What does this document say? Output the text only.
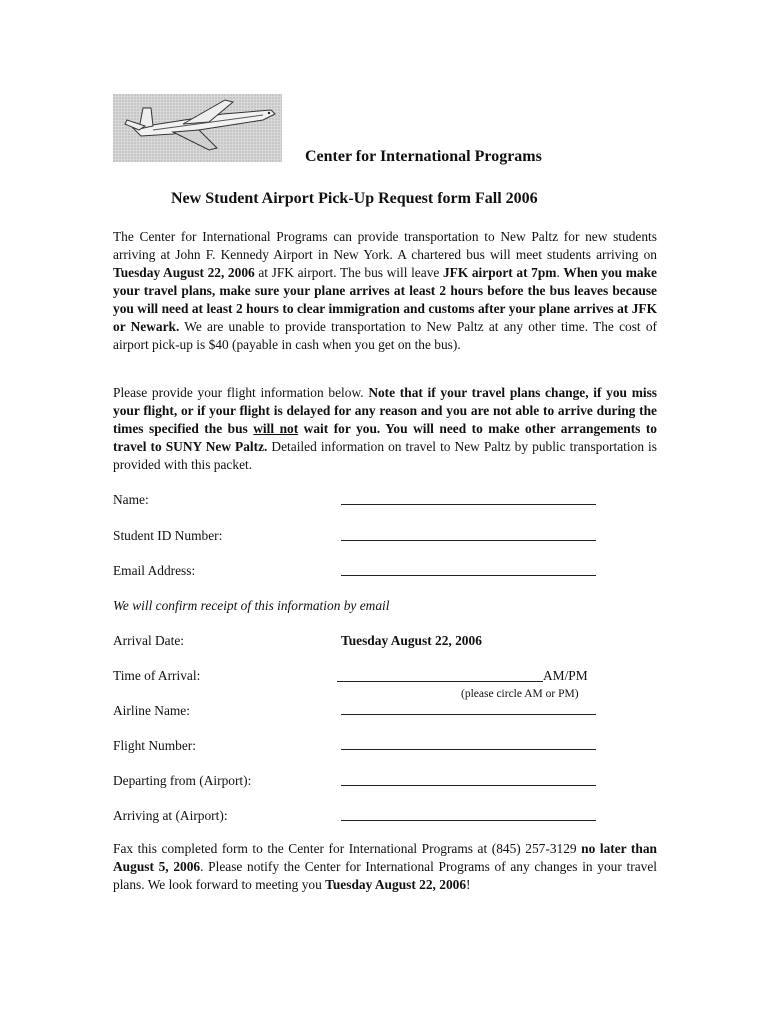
Center for International Programs
New Student Airport Pick-Up Request form Fall 2006

The Center for International Programs can provide transportation to New Paltz for new students arriving at John F. Kennedy Airport in New York. A chartered bus will meet students arriving on Tuesday August 22, 2006 at JFK airport. The bus will leave JFK airport at 7pm. When you make your travel plans, make sure your plane arrives at least 2 hours before the bus leaves because you will need at least 2 hours to clear immigration and customs after your plane arrives at JFK or Newark. We are unable to provide transportation to New Paltz at any other time. The cost of airport pick-up is $40 (payable in cash when you get on the bus).

Please provide your flight information below. Note that if your travel plans change, if you miss your flight, or if your flight is delayed for any reason and you are not able to arrive during the times specified the bus will not wait for you. You will need to make other arrangements to travel to SUNY New Paltz. Detailed information on travel to New Paltz by public transportation is provided with this packet.

Name:
Student ID Number:
Email Address:
We will confirm receipt of this information by email
Arrival Date:	Tuesday August 22, 2006
Time of Arrival:	AM/PM
(please circle AM or PM)
Airline Name:
Flight Number:
Departing from (Airport):
Arriving at (Airport):

Fax this completed form to the Center for International Programs at (845) 257-3129 no later than August 5, 2006. Please notify the Center for International Programs of any changes in your travel plans. We look forward to meeting you Tuesday August 22, 2006!
